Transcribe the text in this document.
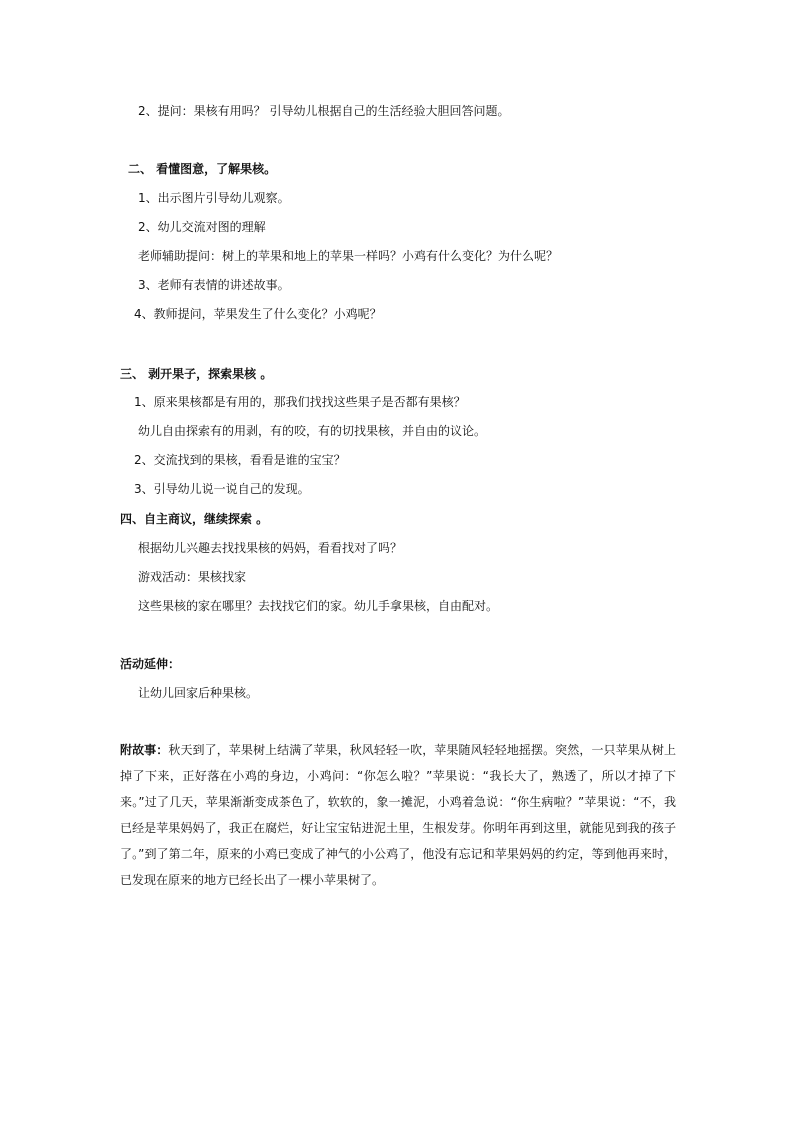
2、提问：果核有用吗？ 引导幼儿根据自己的生活经验大胆回答问题。
二、 看懂图意，了解果核。
1、出示图片引导幼儿观察。
2、幼儿交流对图的理解
老师辅助提问：树上的苹果和地上的苹果一样吗？小鸡有什么变化？为什么呢？
3、老师有表情的讲述故事。
4、教师提问，苹果发生了什么变化？小鸡呢？
三、 剥开果子，探索果核 。
1、原来果核都是有用的，那我们找找这些果子是否都有果核？
幼儿自由探索有的用剥，有的咬，有的切找果核，并自由的议论。
2、交流找到的果核，看看是谁的宝宝？
3、引导幼儿说一说自己的发现。
四、自主商议，继续探索 。
根据幼儿兴趣去找找果核的妈妈，看看找对了吗？
游戏活动：果核找家
这些果核的家在哪里？去找找它们的家。幼儿手拿果核，自由配对。
活动延伸：
让幼儿回家后种果核。
附故事：秋天到了，苹果树上结满了苹果，秋风轻轻一吹，苹果随风轻轻地摇摆。突然，一只苹果从树上掉了下来，正好落在小鸡的身边，小鸡问：“你怎么啦？”苹果说：“我长大了，熟透了，所以才掉了下来。”过了几天，苹果渐渐变成茶色了，软软的，象一摊泥，小鸡着急说：“你生病啦？”苹果说：“不，我已经是苹果妈妈了，我正在腐烂，好让宝宝钻进泥土里，生根发芽。你明年再到这里，就能见到我的孩子了。”到了第二年，原来的小鸡已变成了神气的小公鸡了，他没有忘记和苹果妈妈的约定，等到他再来时，已发现在原来的地方已经长出了一棵小苹果树了。
